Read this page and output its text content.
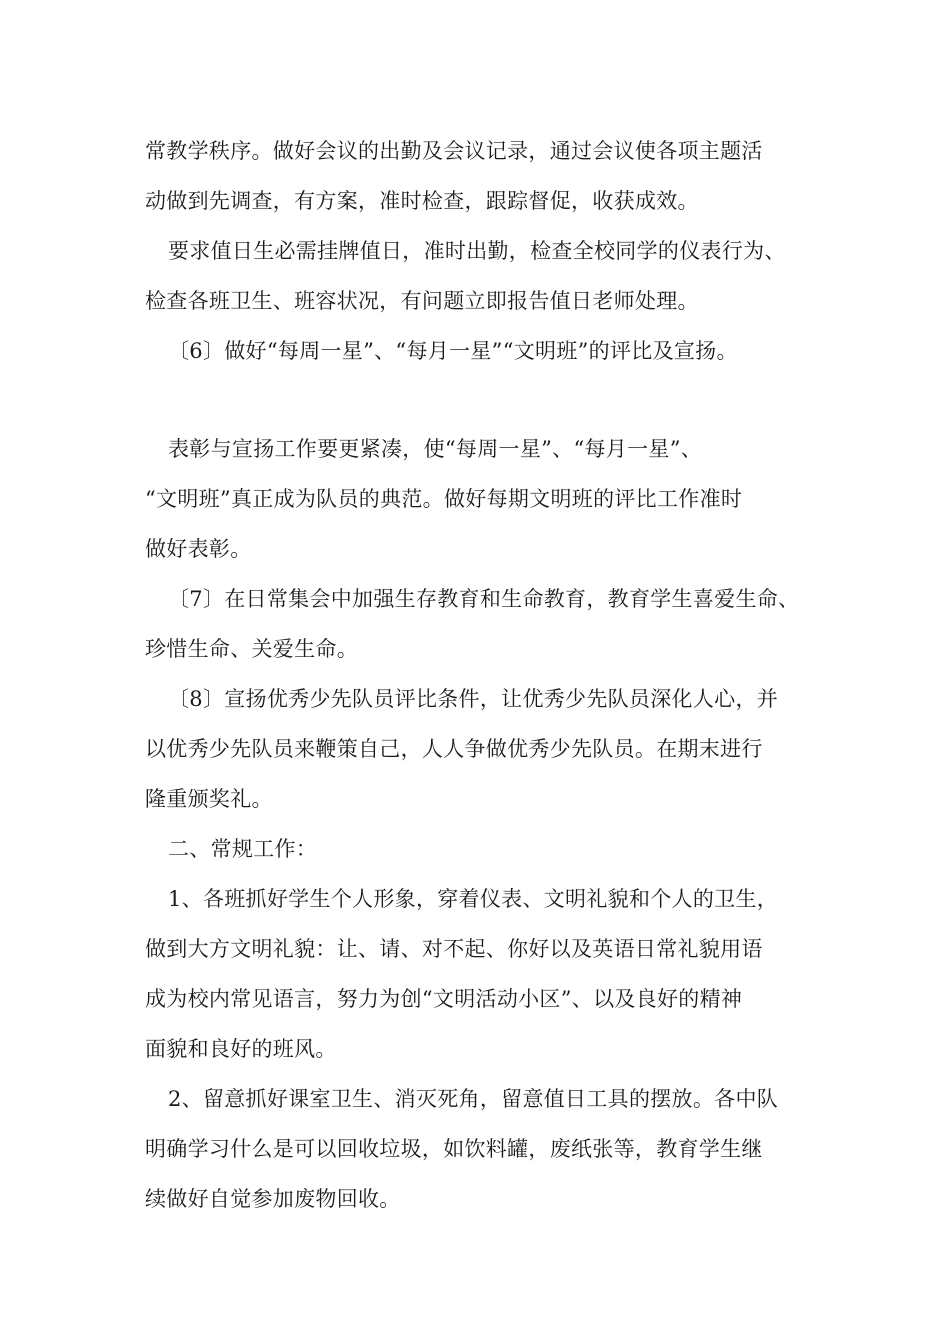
常教学秩序。做好会议的出勤及会议记录，通过会议使各项主题活
动做到先调查，有方案，准时检查，跟踪督促，收获成效。
要求值日生必需挂牌值日，准时出勤，检查全校同学的仪表行为、
检查各班卫生、班容状况，有问题立即报告值日老师处理。
〔6〕做好“每周一星”、“每月一星”“文明班”的评比及宣扬。
表彰与宣扬工作要更紧凑，使“每周一星”、“每月一星”、
“文明班”真正成为队员的典范。做好每期文明班的评比工作准时
做好表彰。
〔7〕在日常集会中加强生存教育和生命教育，教育学生喜爱生命、
珍惜生命、关爱生命。
〔8〕宣扬优秀少先队员评比条件，让优秀少先队员深化人心，并
以优秀少先队员来鞭策自己，人人争做优秀少先队员。在期末进行
隆重颁奖礼。
二、常规工作：
1、各班抓好学生个人形象，穿着仪表、文明礼貌和个人的卫生，
做到大方文明礼貌：让、请、对不起、你好以及英语日常礼貌用语
成为校内常见语言，努力为创“文明活动小区”、以及良好的精神
面貌和良好的班风。
2、留意抓好课室卫生、消灭死角，留意值日工具的摆放。各中队
明确学习什么是可以回收垃圾，如饮料罐，废纸张等，教育学生继
续做好自觉参加废物回收。
